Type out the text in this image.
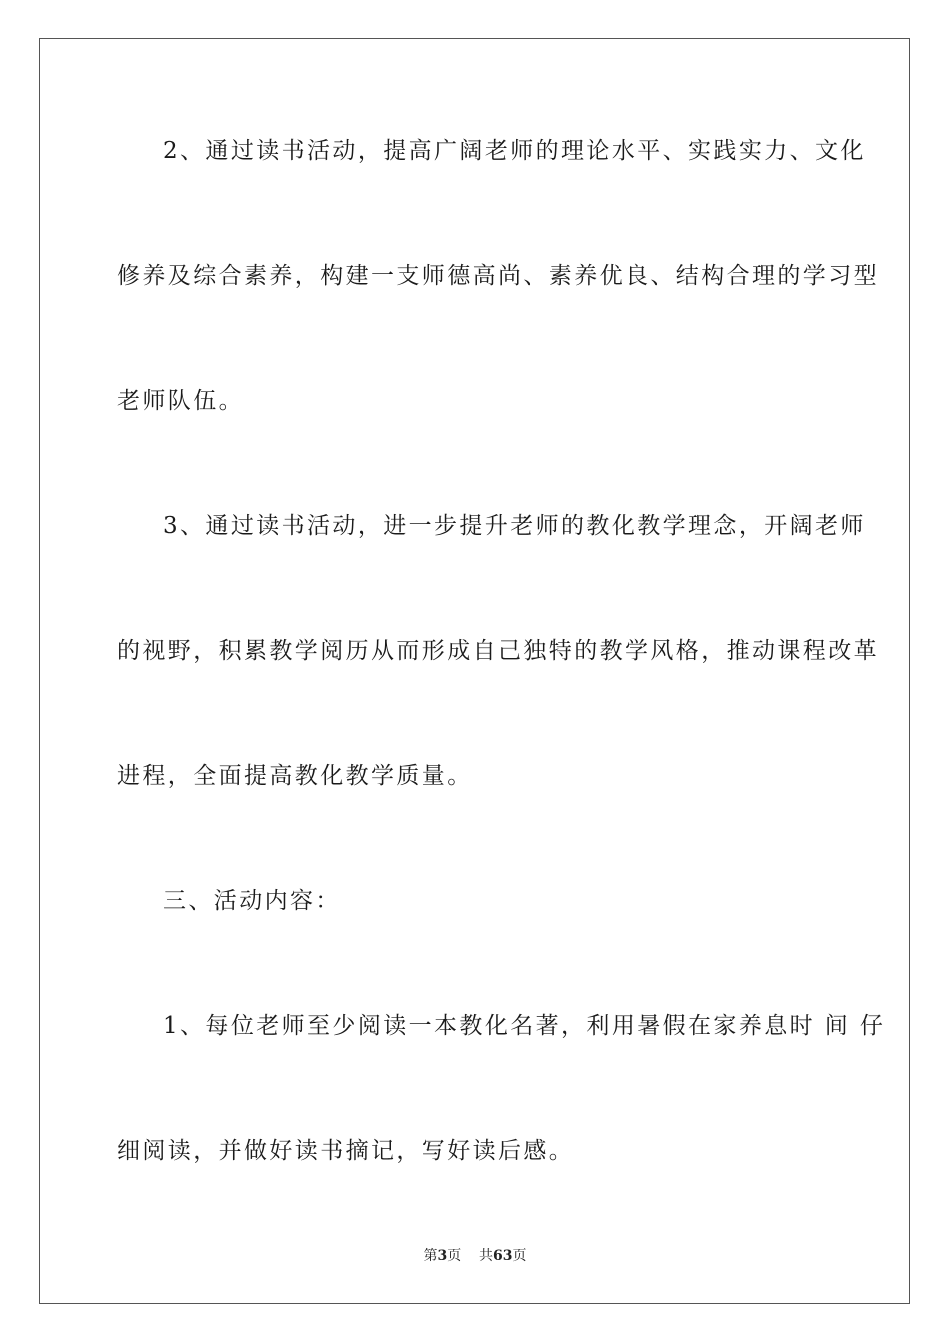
2、通过读书活动，提高广阔老师的理论水平、实践实力、文化
修养及综合素养，构建一支师德高尚、素养优良、结构合理的学习型
老师队伍。
3、通过读书活动，进一步提升老师的教化教学理念，开阔老师
的视野，积累教学阅历从而形成自己独特的教学风格，推动课程改革
进程，全面提高教化教学质量。
三、活动内容：
1、每位老师至少阅读一本教化名著，利用暑假在家养息时 间 仔
细阅读，并做好读书摘记，写好读后感。
第3页 共63页
